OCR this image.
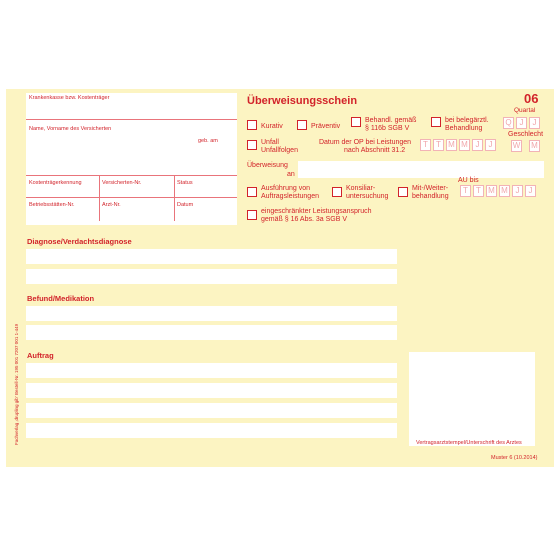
Krankenkasse bzw. Kostenträger
Name, Vorname des Versicherten
geb. am
Kostenträgerkennung	Versicherten-Nr.	Status
Betriebsstätten-Nr.	Arzt-Nr.	Datum
Überweisungsschein	06
Quartal
Kurativ	Präventiv
Behandl. gemäß
§ 116b SGB V
bei belegärztl.
Behandlung
Q J	J
Unfall
Unfallfolgen
Datum der OP bei Leistungen
nach Abschnitt 31.2
T	T M M J	J
Geschlecht
W M
Überweisung
an
Ausführung von
Auftragsleistungen
Konsiliar-
untersuchung
Mit-/Weiter-
behandlung
AU bis
T	T M M J	J
eingeschränkter Leistungsanspruch
gemäß § 16 Abs. 3a SGB V
Diagnose/Verdachtsdiagnose
Befund/Medikation
Auftrag
Vertragsarztstempel/Unterschrift des Arztes
Muster 6 (10.2014)
Fachverlag ‚drupling gib‘ Bestell-Nr. 195 001 7207 001 1-449
